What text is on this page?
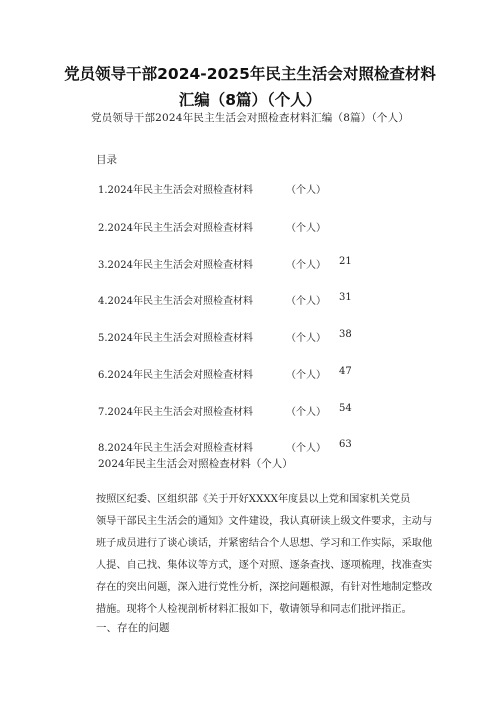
党员领导干部2024-2025年民主生活会对照检查材料
汇编（8篇）（个人）
党员领导干部2024年民主生活会对照检查材料汇编（8篇）（个人）
目录
1.2024年民主生活会对照检查材料	（个人）
2.2024年民主生活会对照检查材料	（个人）
3.2024年民主生活会对照检查材料	（个人） 21
4.2024年民主生活会对照检查材料	（个人） 31
5.2024年民主生活会对照检查材料	（个人） 38
6.2024年民主生活会对照检查材料	（个人） 47
7.2024年民主生活会对照检查材料	（个人） 54
8.2024年民主生活会对照检查材料	（个人） 63
2024年民主生活会对照检查材料（个人）
按照区纪委、区组织部《关于开好XXXX年度县以上党和国家机关党员
领导干部民主生活会的通知》文件建设，我认真研读上级文件要求，主动与
班子成员进行了谈心谈话，并紧密结合个人思想、学习和工作实际，采取他
人提、自己找、集体议等方式，逐个对照、逐条查找、逐项梳理，找准查实
存在的突出问题，深入进行党性分析，深挖问题根源，有针对性地制定整改
措施。现将个人检视剖析材料汇报如下，敬请领导和同志们批评指正。
一、存在的问题
